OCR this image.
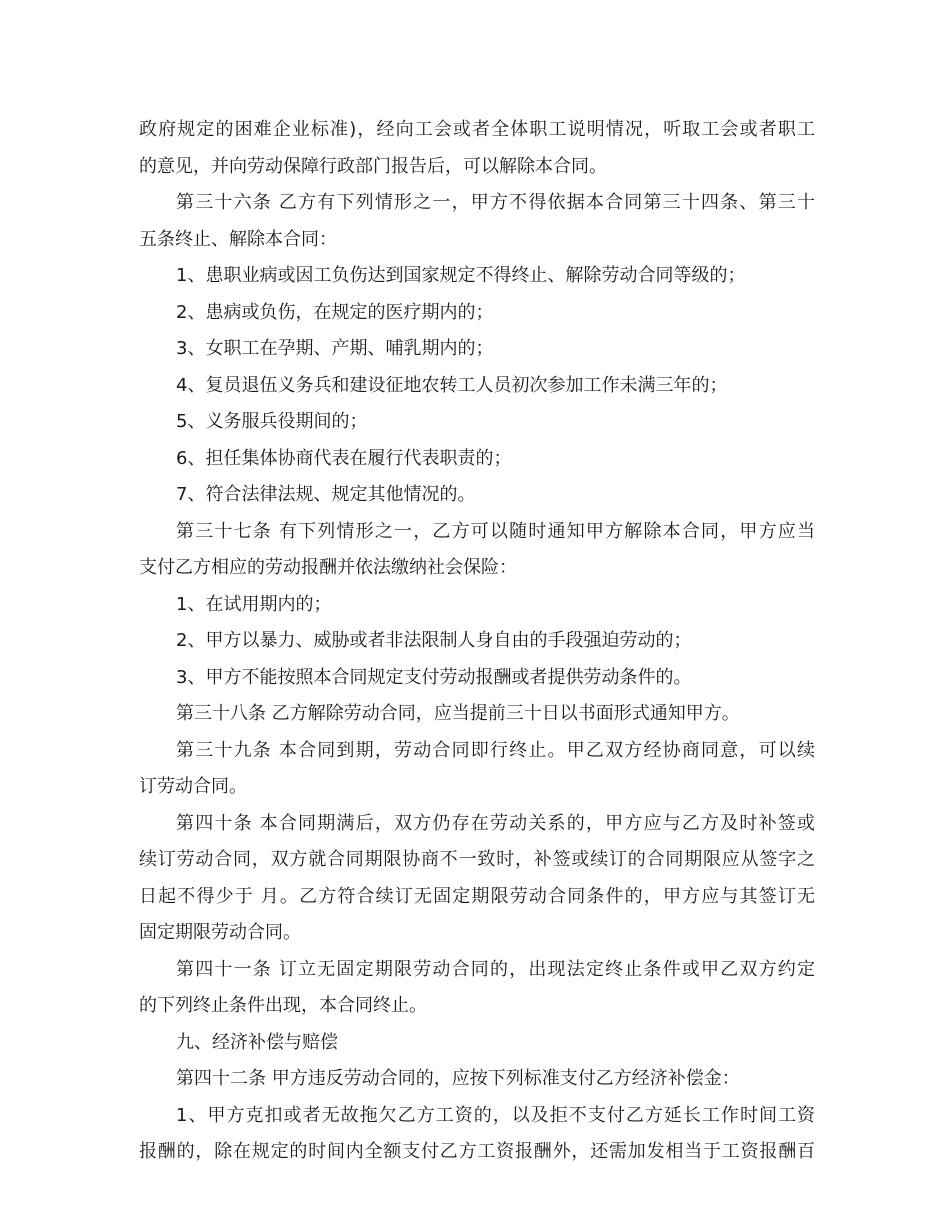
政府规定的困难企业标准)，经向工会或者全体职工说明情况，听取工会或者职工
的意见，并向劳动保障行政部门报告后，可以解除本合同。
第三十六条 乙方有下列情形之一，甲方不得依据本合同第三十四条、第三十
五条终止、解除本合同：
1、患职业病或因工负伤达到国家规定不得终止、解除劳动合同等级的；
2、患病或负伤，在规定的医疗期内的；
3、女职工在孕期、产期、哺乳期内的；
4、复员退伍义务兵和建设征地农转工人员初次参加工作未满三年的；
5、义务服兵役期间的；
6、担任集体协商代表在履行代表职责的；
7、符合法律法规、规定其他情况的。
第三十七条 有下列情形之一，乙方可以随时通知甲方解除本合同，甲方应当
支付乙方相应的劳动报酬并依法缴纳社会保险：
1、在试用期内的；
2、甲方以暴力、威胁或者非法限制人身自由的手段强迫劳动的；
3、甲方不能按照本合同规定支付劳动报酬或者提供劳动条件的。
第三十八条 乙方解除劳动合同，应当提前三十日以书面形式通知甲方。
第三十九条 本合同到期，劳动合同即行终止。甲乙双方经协商同意，可以续
订劳动合同。
第四十条 本合同期满后，双方仍存在劳动关系的，甲方应与乙方及时补签或
续订劳动合同，双方就合同期限协商不一致时，补签或续订的合同期限应从签字之
日起不得少于 月。乙方符合续订无固定期限劳动合同条件的，甲方应与其签订无
固定期限劳动合同。
第四十一条 订立无固定期限劳动合同的，出现法定终止条件或甲乙双方约定
的下列终止条件出现，本合同终止。
九、经济补偿与赔偿
第四十二条 甲方违反劳动合同的，应按下列标准支付乙方经济补偿金：
1、甲方克扣或者无故拖欠乙方工资的，以及拒不支付乙方延长工作时间工资
报酬的，除在规定的时间内全额支付乙方工资报酬外，还需加发相当于工资报酬百
